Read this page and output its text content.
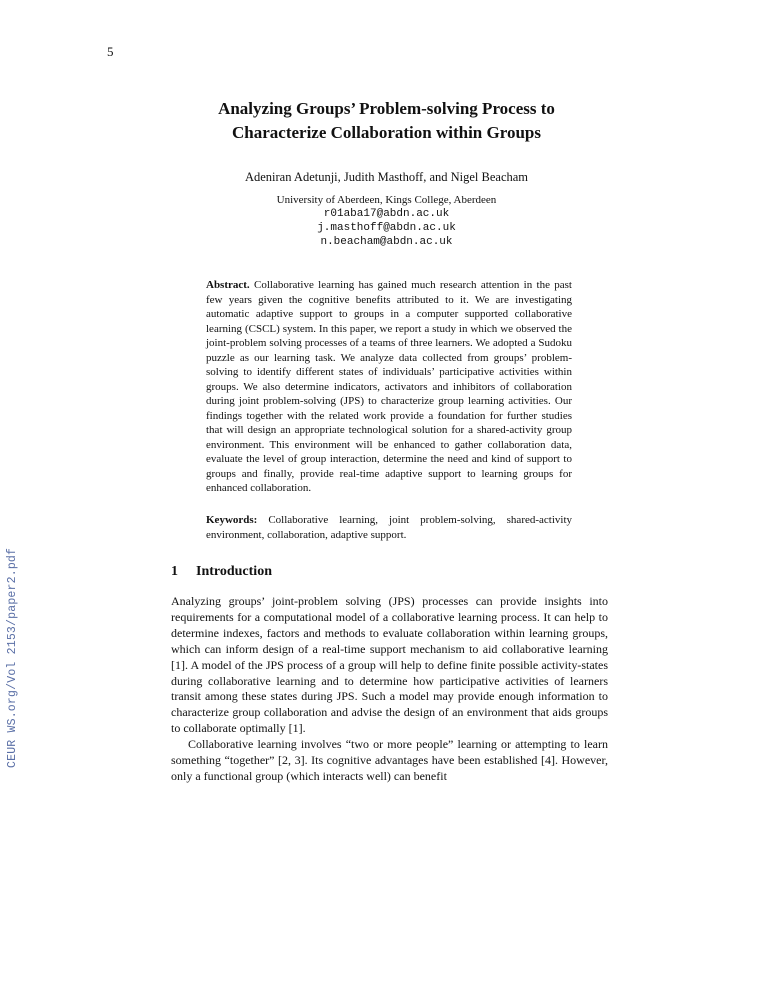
5
CEUR WS.org/Vol 2153/paper2.pdf
Analyzing Groups’ Problem-solving Process to
Characterize Collaboration within Groups
Adeniran Adetunji, Judith Masthoff, and Nigel Beacham
University of Aberdeen, Kings College, Aberdeen
r01aba17@abdn.ac.uk
j.masthoff@abdn.ac.uk
n.beacham@abdn.ac.uk
Abstract. Collaborative learning has gained much research attention in the past few years given the cognitive benefits attributed to it. We are investigating automatic adaptive support to groups in a computer supported collaborative learning (CSCL) system. In this paper, we report a study in which we observed the joint-problem solving processes of a teams of three learners. We adopted a Sudoku puzzle as our learning task. We analyze data collected from groups’ problem-solving to identify different states of individuals’ participative activities within groups. We also determine indicators, activators and inhibitors of collaboration during joint problem-solving (JPS) to characterize group learning activities. Our findings together with the related work provide a foundation for further studies that will design an appropriate technological solution for a shared-activity group environment. This environment will be enhanced to gather collaboration data, evaluate the level of group interaction, determine the need and kind of support to groups and finally, provide real-time adaptive support to learning groups for enhanced collaboration.
Keywords: Collaborative learning, joint problem-solving, shared-activity environment, collaboration, adaptive support.
1 Introduction

Analyzing groups’ joint-problem solving (JPS) processes can provide insights into requirements for a computational model of a collaborative learning process. It can help to determine indexes, factors and methods to evaluate collaboration within learning groups, which can inform design of a real-time support mechanism to aid collaborative learning [1]. A model of the JPS process of a group will help to define finite possible activity-states during collaborative learning and to determine how participative activities of learners transit among these states during JPS. Such a model may provide enough information to characterize group collaboration and advise the design of an environment that aids groups to collaborate optimally [1].

Collaborative learning involves “two or more people” learning or attempting to learn something “together” [2, 3]. Its cognitive advantages have been established [4]. However, only a functional group (which interacts well) can benefit
